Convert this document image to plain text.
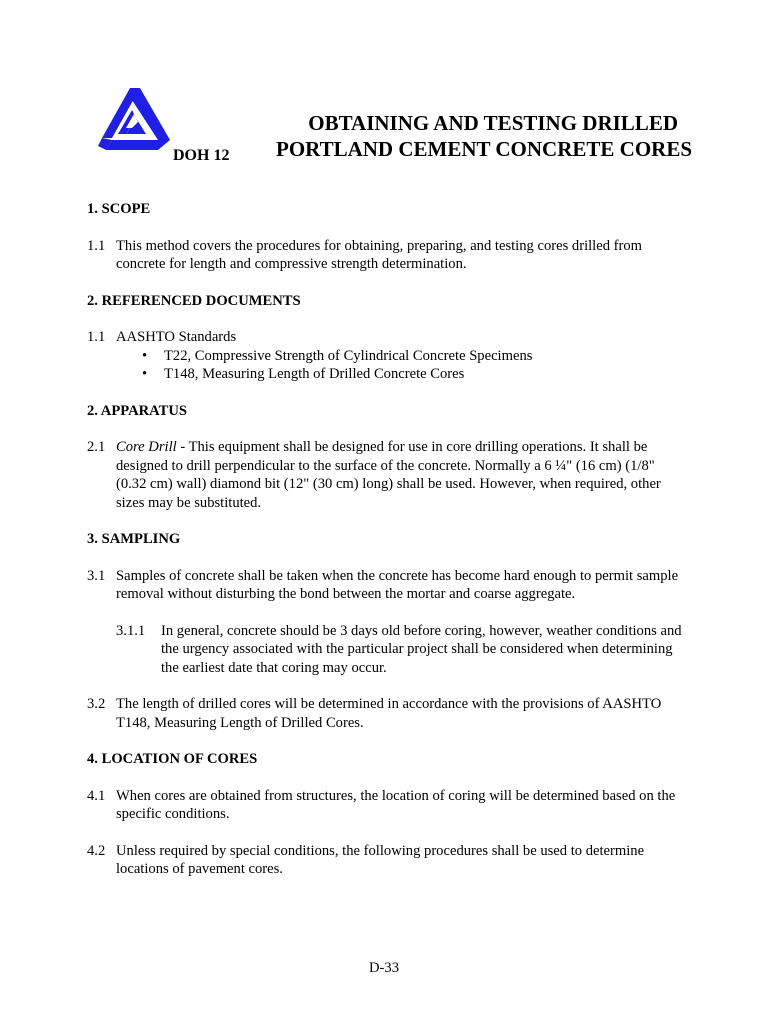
DOH 12
OBTAINING AND TESTING DRILLED
PORTLAND CEMENT CONCRETE CORES
1. SCOPE
1.1 This method covers the procedures for obtaining, preparing, and testing cores drilled from concrete for length and compressive strength determination.
2. REFERENCED DOCUMENTS
1.1 AASHTO Standards
• T22, Compressive Strength of Cylindrical Concrete Specimens
• T148, Measuring Length of Drilled Concrete Cores
2. APPARATUS
2.1 Core Drill - This equipment shall be designed for use in core drilling operations. It shall be designed to drill perpendicular to the surface of the concrete. Normally a 6 ¼" (16 cm) (1/8" (0.32 cm) wall) diamond bit (12" (30 cm) long) shall be used. However, when required, other sizes may be substituted.
3. SAMPLING
3.1 Samples of concrete shall be taken when the concrete has become hard enough to permit sample removal without disturbing the bond between the mortar and coarse aggregate.
3.1.1 In general, concrete should be 3 days old before coring, however, weather conditions and the urgency associated with the particular project shall be considered when determining the earliest date that coring may occur.
3.2 The length of drilled cores will be determined in accordance with the provisions of AASHTO T148, Measuring Length of Drilled Cores.
4. LOCATION OF CORES
4.1 When cores are obtained from structures, the location of coring will be determined based on the specific conditions.
4.2 Unless required by special conditions, the following procedures shall be used to determine locations of pavement cores.
D-33
